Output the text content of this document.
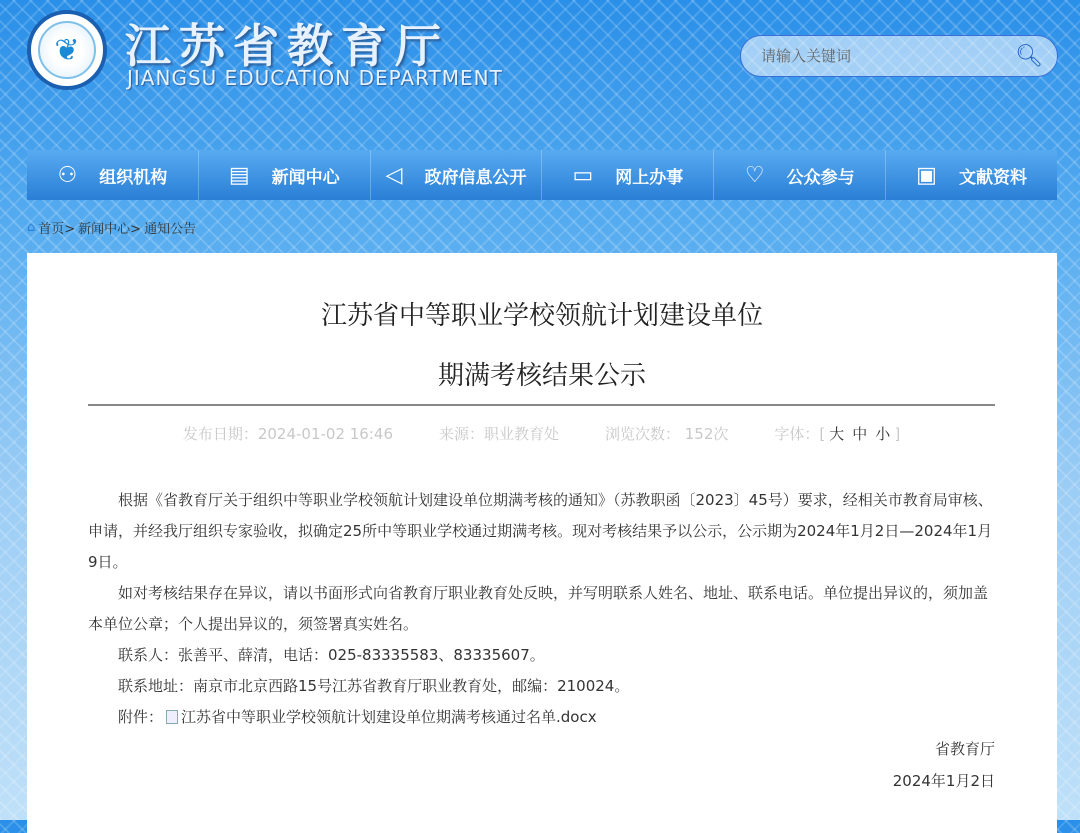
❦ 江苏省教育厅
JIANGSU EDUCATION DEPARTMENT
请输入关键词
🔍︎
⚇ 组织机构	▤ 新闻中心 ◁ 政府信息公开 ▭ 网上办事	♡ 公众参与	▣ 文献资料
⌂ 首页> 新闻中心> 通知公告
江苏省中等职业学校领航计划建设单位
期满考核结果公示
发布日期：2024-01-02 16:46	来源：职业教育处	浏览次数： 152次	字体：[ 大 中 小 ]

根据《省教育厅关于组织中等职业学校领航计划建设单位期满考核的通知》（苏教职函〔2023〕45号）要求，经相关市教育局审核、申请，并经我厅组织专家验收，拟确定25所中等职业学校通过期满考核。现对考核结果予以公示，公示期为2024年1月2日—2024年1月9日。

如对考核结果存在异议，请以书面形式向省教育厅职业教育处反映，并写明联系人姓名、地址、联系电话。单位提出异议的，须加盖本单位公章；个人提出异议的，须签署真实姓名。

联系人：张善平、薛清，电话：025-83335583、83335607。

联系地址：南京市北京西路15号江苏省教育厅职业教育处，邮编：210024。

附件： 江苏省中等职业学校领航计划建设单位期满考核通过名单.docx

省教育厅
2024年1月2日
